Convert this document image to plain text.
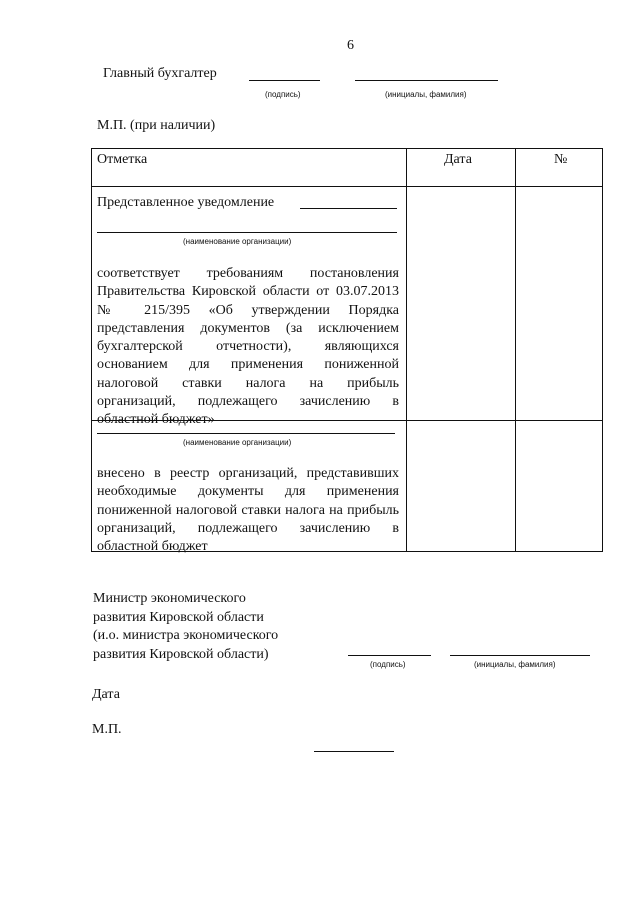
6
Главный бухгалтер
(подпись)	(инициалы, фамилия)
М.П. (при наличии)
Отметка	Дата	№
Представленное уведомление
(наименование организации)
соответствует требованиям постановления Правительства Кировской области от 03.07.2013 № 215/395 «Об утверждении Порядка представления документов (за исключением бухгалтерской отчетности), являющихся основанием для применения пониженной налоговой ставки налога на прибыль организаций, подлежащего зачислению в областной бюджет»
(наименование организации)
внесено в реестр организаций, представивших необходимые документы для применения пониженной налоговой ставки налога на прибыль организаций, подлежащего зачислению в областной бюджет
Министр экономического
развития Кировской области
(и.о. министра экономического
развития Кировской области)
(подпись)	(инициалы, фамилия)
Дата
М.П.
